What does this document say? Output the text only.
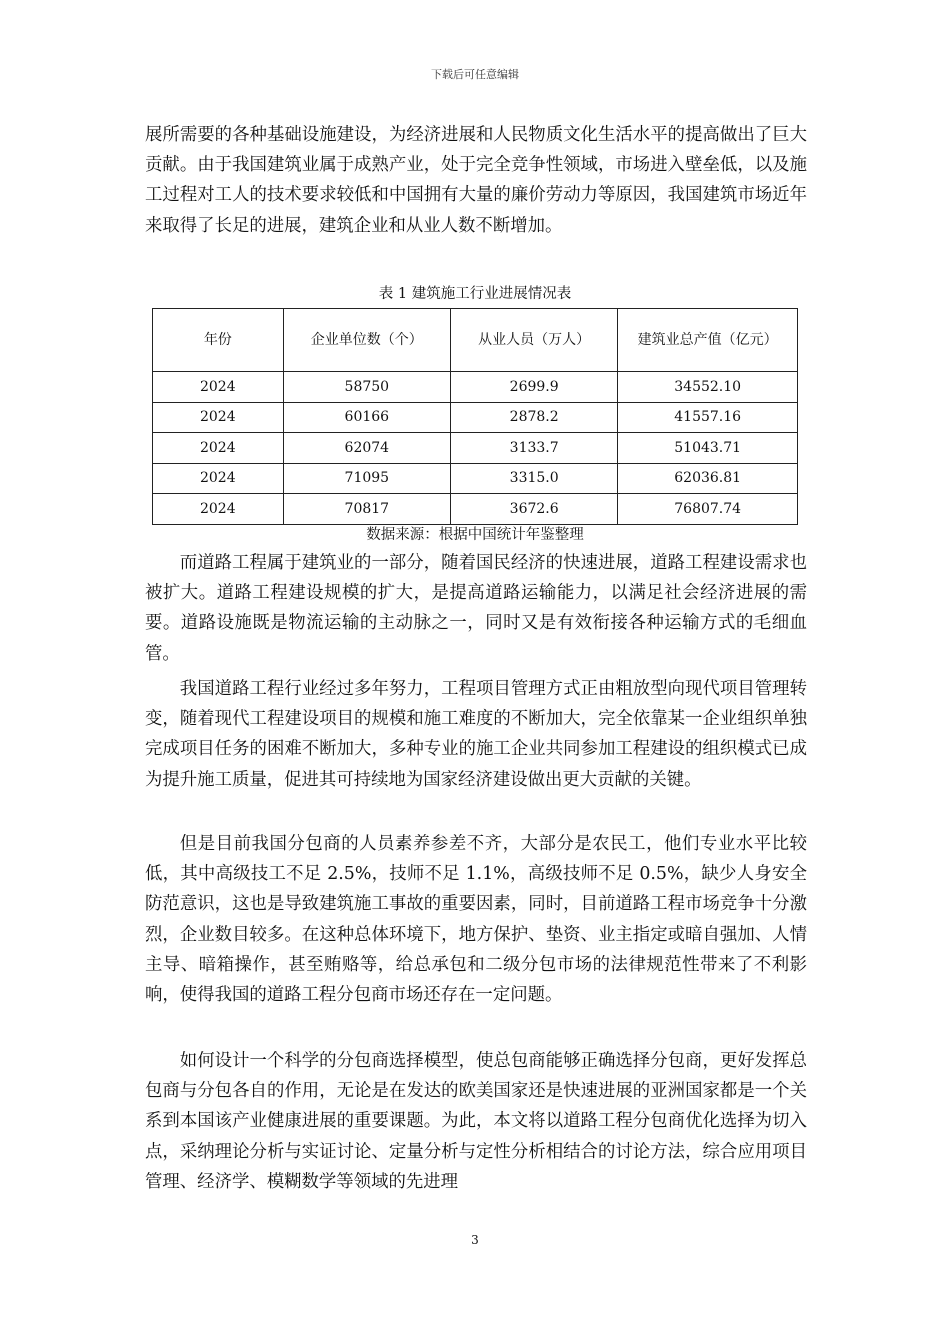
下载后可任意编辑

展所需要的各种基础设施建设，为经济进展和人民物质文化生活水平的提高做出了巨大贡献。由于我国建筑业属于成熟产业，处于完全竞争性领域，市场进入壁垒低，以及施工过程对工人的技术要求较低和中国拥有大量的廉价劳动力等原因，我国建筑市场近年来取得了长足的进展，建筑企业和从业人数不断增加。

表 1 建筑施工行业进展情况表
年份	企业单位数（个）	从业人员（万人）	建筑业总产值（亿元）
2024	58750	2699.9	34552.10
2024	60166	2878.2	41557.16
2024	62074	3133.7	51043.71
2024	71095	3315.0	62036.81
2024	70817	3672.6	76807.74
数据来源：根据中国统计年鉴整理

而道路工程属于建筑业的一部分，随着国民经济的快速进展，道路工程建设需求也被扩大。道路工程建设规模的扩大，是提高道路运输能力，以满足社会经济进展的需要。道路设施既是物流运输的主动脉之一，同时又是有效衔接各种运输方式的毛细血管。

我国道路工程行业经过多年努力，工程项目管理方式正由粗放型向现代项目管理转变，随着现代工程建设项目的规模和施工难度的不断加大，完全依靠某一企业组织单独完成项目任务的困难不断加大，多种专业的施工企业共同参加工程建设的组织模式已成为提升施工质量，促进其可持续地为国家经济建设做出更大贡献的关键。

但是目前我国分包商的人员素养参差不齐，大部分是农民工，他们专业水平比较低，其中高级技工不足 2.5%，技师不足 1.1%，高级技师不足 0.5%，缺少人身安全防范意识，这也是导致建筑施工事故的重要因素，同时，目前道路工程市场竞争十分激烈，企业数目较多。在这种总体环境下，地方保护、垫资、业主指定或暗自强加、人情主导、暗箱操作，甚至贿赂等，给总承包和二级分包市场的法律规范性带来了不利影响，使得我国的道路工程分包商市场还存在一定问题。

如何设计一个科学的分包商选择模型，使总包商能够正确选择分包商，更好发挥总包商与分包各自的作用，无论是在发达的欧美国家还是快速进展的亚洲国家都是一个关系到本国该产业健康进展的重要课题。为此，本文将以道路工程分包商优化选择为切入点，采纳理论分析与实证讨论、定量分析与定性分析相结合的讨论方法，综合应用项目管理、经济学、模糊数学等领域的先进理

3
